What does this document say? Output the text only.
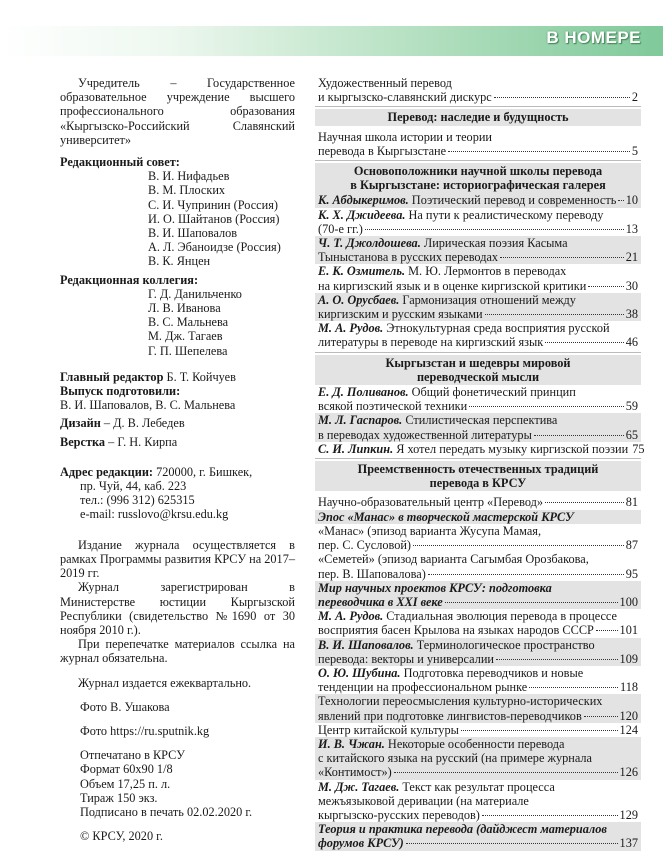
В НОМЕРЕ

Учредитель – Государственное образовательное учреждение высшего профессионального образования «Кыргызско-Российский Славянский университет»

Редакционный совет:

В. И. Нифадьев
В. М. Плоских
С. И. Чупринин (Россия)
И. О. Шайтанов (Россия)
В. И. Шаповалов
А. Л. Эбаноидзе (Россия)
В. К. Янцен

Редакционная коллегия:

Г. Д. Данильченко
Л. В. Иванова
В. С. Мальнева
М. Дж. Тагаев
Г. П. Шепелева

Главный редактор Б. Т. Койчуев

Выпуск подготовили:

В. И. Шаповалов, В. С. Мальнева

Дизайн – Д. В. Лебедев

Верстка – Г. Н. Кирпа

Адрес редакции: 720000, г. Бишкек,

пр. Чуй, 44, каб. 223
тел.: (996 312) 625315
e-mail: russlovo@krsu.edu.kg

Издание журнала осуществляется в рамках Программы развития КРСУ на 2017–2019 гг.

Журнал зарегистрирован в Министерстве юстиции Кыргызской Республики (свидетельство №1690 от 30 ноября 2010 г.).

При перепечатке материалов ссылка на журнал обязательна.

Журнал издается ежеквартально.

Фото В. Ушакова

Фото https://ru.sputnik.kg

Отпечатано в КРСУ

Формат 60х90 1/8

Объем 17,25 п. л.

Тираж 150 экз.

Подписано в печать 02.02.2020 г.

© КРСУ, 2020 г.

Художественный перевод
и кыргызско-славянский дискурс	2

Перевод: наследие и будущность

Научная школа истории и теории
перевода в Кыргызстане	5

Основоположники научной школы перевода

в Кыргызстане: историографическая галерея

К. Абдыкеримов. Поэтический перевод и современность 10
К. Х. Джидеева. На пути к реалистическому переводу
(70-е гг.)	13
Ч. Т. Джолдошева. Лирическая поэзия Касыма
Тыныстанова в русских переводах	21
Е. К. Озмитель. М. Ю. Лермонтов в переводах
на киргизский язык и в оценке киргизской критики	30
А. О. Орусбаев. Гармонизация отношений между
киргизским и русским языками	38
М. А. Рудов. Этнокультурная среда восприятия русской
литературы в переводе на киргизский язык	46

Кыргызстан и шедевры мировой

переводческой мысли

Е. Д. Поливанов. Общий фонетический принцип
всякой поэтической техники	59
М. Л. Гаспаров. Стилистическая перспектива
в переводах художественной литературы	65
С. И. Липкин. Я хотел передать музыку киргизской поэзии 75

Преемственность отечественных традиций

перевода в КРСУ

Научно-образовательный центр «Перевод»	81
Эпос «Манас» в творческой мастерской КРСУ
«Манас» (эпизод варианта Жусупа Мамая,
пер. С. Сусловой)	87
«Семетей» (эпизод варианта Сагымбая Орозбакова,
пер. В. Шаповалова)	95
Мир научных проектов КРСУ: подготовка
переводчика в XXI веке	100
М. А. Рудов. Стадиальная эволюция перевода в процессе
восприятия басен Крылова на языках народов СССР 101
В. И. Шаповалов. Терминологическое пространство
перевода: векторы и универсалии	109
О. Ю. Шубина. Подготовка переводчиков и новые
тенденции на профессиональном рынке	118
Технологии переосмысления культурно-исторических
явлений при подготовке лингвистов-переводчиков	120
Центр китайской культуры	124
И. В. Чжан. Некоторые особенности перевода
с китайского языка на русский (на примере журнала
«Контимост»)	126
М. Дж. Тагаев. Текст как результат процесса
межъязыковой деривации (на материале
кыргызско-русских переводов)	129
Теория и практика перевода (дайджест материалов
форумов КРСУ)	137
